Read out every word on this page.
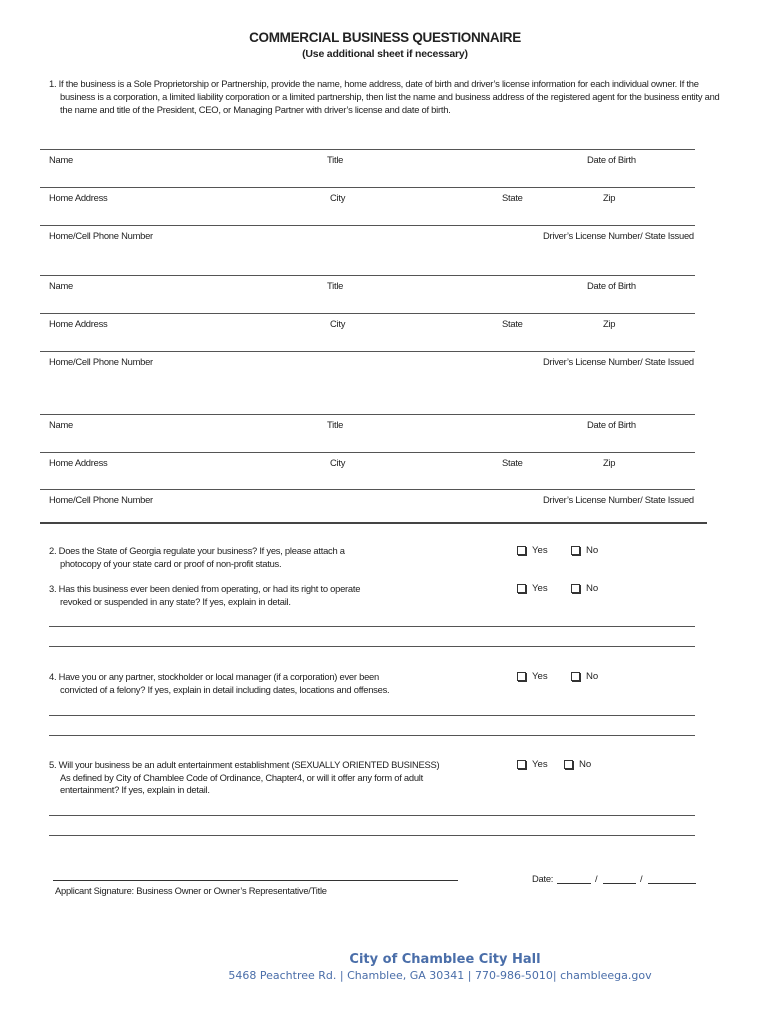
COMMERCIAL BUSINESS QUESTIONNAIRE
(Use additional sheet if necessary)
1. If the business is a Sole Proprietorship or Partnership, provide the name, home address, date of birth and driver’s license information for each individual owner. If the
business is a corporation, a limited liability corporation or a limited partnership, then list the name and business address of the registered agent for the business entity and
the name and title of the President, CEO, or Managing Partner with driver’s license and date of birth.
Name	Title	Date of Birth
Home Address	City	State	Zip
Home/Cell Phone Number	Driver’s License Number/ State Issued
Name	Title	Date of Birth
Home Address	City	State	Zip
Home/Cell Phone Number	Driver’s License Number/ State Issued
Name	Title	Date of Birth
Home Address	City	State	Zip
Home/Cell Phone Number	Driver’s License Number/ State Issued
2. Does the State of Georgia regulate your business? If yes, please attach a
photocopy of your state card or proof of non-profit status.
Yes	No
3. Has this business ever been denied from operating, or had its right to operate
revoked or suspended in any state? If yes, explain in detail.
Yes	No
4. Have you or any partner, stockholder or local manager (if a corporation) ever been
convicted of a felony? If yes, explain in detail including dates, locations and offenses.
Yes	No
5. Will your business be an adult entertainment establishment (SEXUALLY ORIENTED BUSINESS)
As defined by City of Chamblee Code of Ordinance, Chapter4, or will it offer any form of adult
entertainment? If yes, explain in detail.
Yes	No
Applicant Signature: Business Owner or Owner’s Representative/Title
Date:	/	/
City of Chamblee City Hall
5468 Peachtree Rd. | Chamblee, GA 30341 | 770-986-5010| chambleega.gov
